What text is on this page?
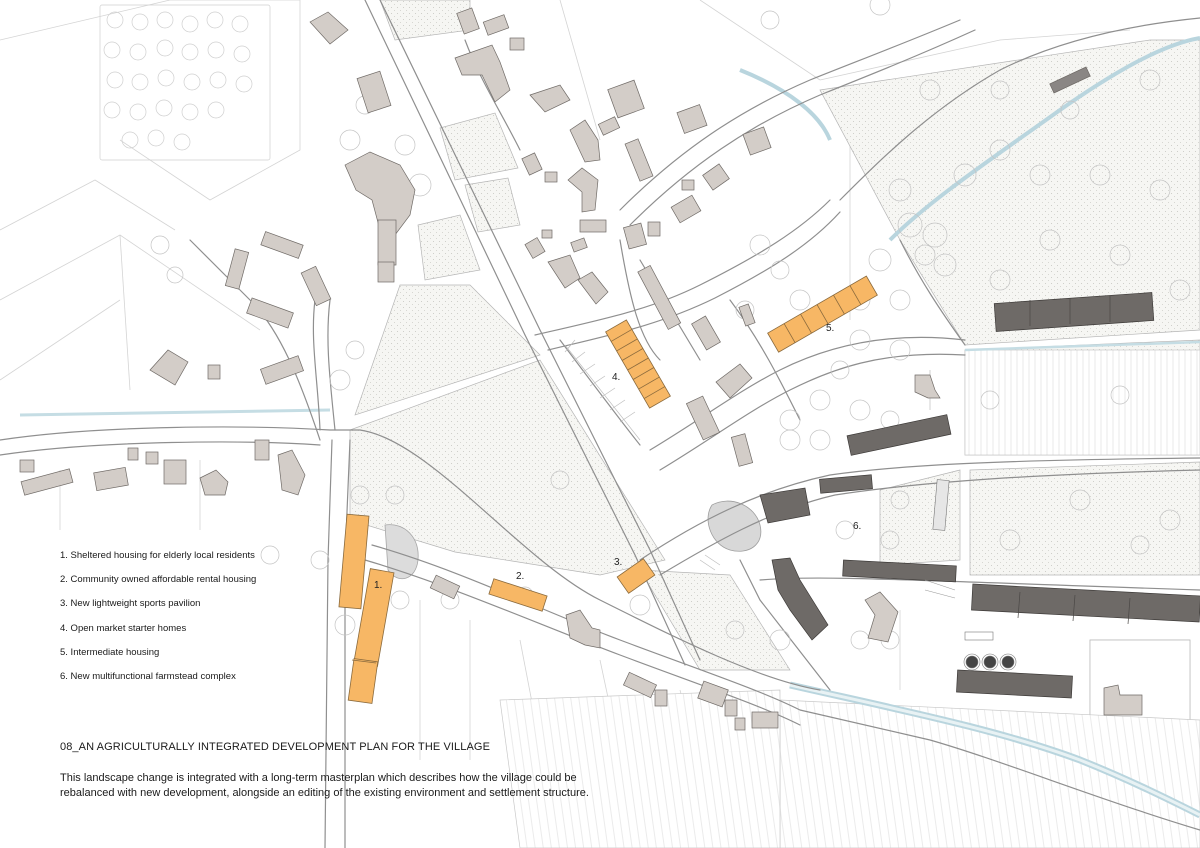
1.
2.
3.
4.
5.
6.
1. Sheltered housing for elderly local residents
2. Community owned affordable rental housing
3. New lightweight sports pavilion
4. Open market starter homes
5. Intermediate housing
6. New multifunctional farmstead complex
08_AN AGRICULTURALLY INTEGRATED DEVELOPMENT PLAN FOR THE VILLAGE
This landscape change is integrated with a long-term masterplan which describes how the village could be rebalanced with new development, alongside an editing of the existing environment and settlement structure.
